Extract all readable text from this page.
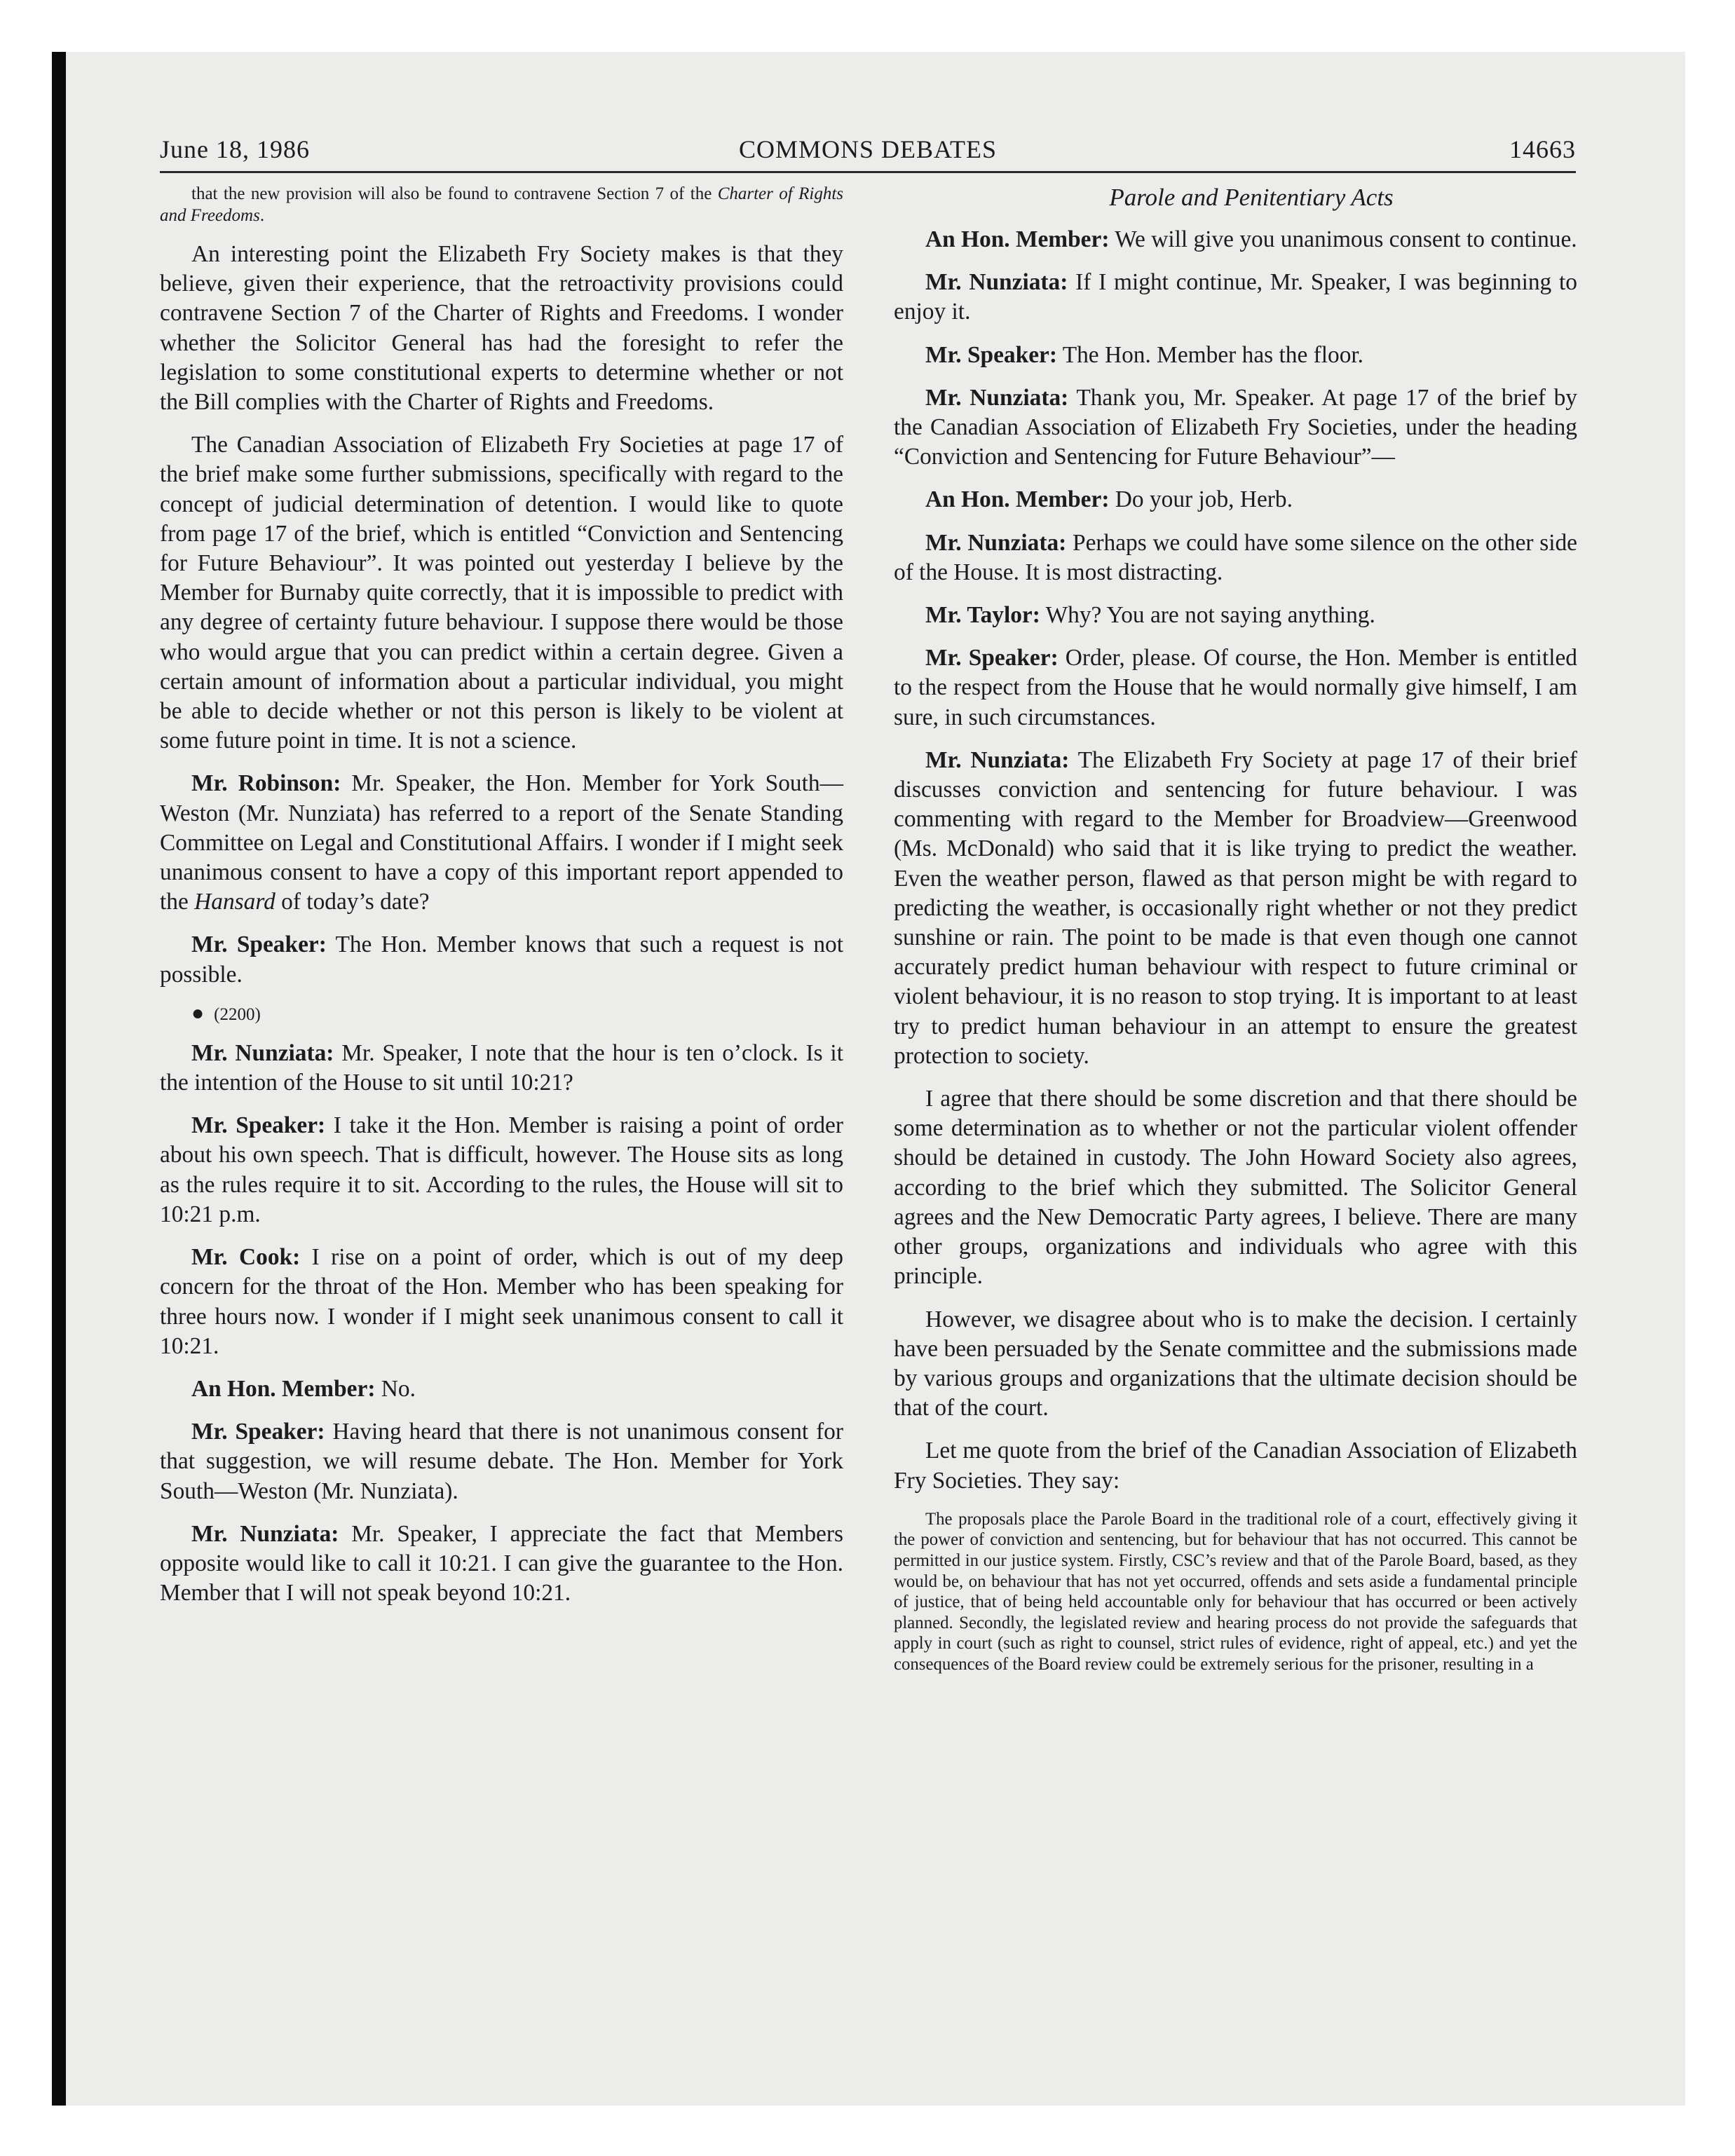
June 18, 1986	COMMONS DEBATES	14663

that the new provision will also be found to contravene Section 7 of the Charter of Rights and Freedoms.

An interesting point the Elizabeth Fry Society makes is that they believe, given their experience, that the retroactivity provisions could contravene Section 7 of the Charter of Rights and Freedoms. I wonder whether the Solicitor General has had the foresight to refer the legislation to some constitutional experts to determine whether or not the Bill complies with the Charter of Rights and Freedoms.

The Canadian Association of Elizabeth Fry Societies at page 17 of the brief make some further submissions, specifically with regard to the concept of judicial determination of detention. I would like to quote from page 17 of the brief, which is entitled “Conviction and Sentencing for Future Behaviour”. It was pointed out yesterday I believe by the Member for Burnaby quite correctly, that it is impossible to predict with any degree of certainty future behaviour. I suppose there would be those who would argue that you can predict within a certain degree. Given a certain amount of information about a particular individual, you might be able to decide whether or not this person is likely to be violent at some future point in time. It is not a science.

Mr. Robinson: Mr. Speaker, the Hon. Member for York South—Weston (Mr. Nunziata) has referred to a report of the Senate Standing Committee on Legal and Constitutional Affairs. I wonder if I might seek unanimous consent to have a copy of this important report appended to the Hansard of today’s date?

Mr. Speaker: The Hon. Member knows that such a request is not possible.

● (2200)

Mr. Nunziata: Mr. Speaker, I note that the hour is ten o’clock. Is it the intention of the House to sit until 10:21?

Mr. Speaker: I take it the Hon. Member is raising a point of order about his own speech. That is difficult, however. The House sits as long as the rules require it to sit. According to the rules, the House will sit to 10:21 p.m.

Mr. Cook: I rise on a point of order, which is out of my deep concern for the throat of the Hon. Member who has been speaking for three hours now. I wonder if I might seek unanimous consent to call it 10:21.

An Hon. Member: No.

Mr. Speaker: Having heard that there is not unanimous consent for that suggestion, we will resume debate. The Hon. Member for York South—Weston (Mr. Nunziata).

Mr. Nunziata: Mr. Speaker, I appreciate the fact that Members opposite would like to call it 10:21. I can give the guarantee to the Hon. Member that I will not speak beyond 10:21.

Parole and Penitentiary Acts

An Hon. Member: We will give you unanimous consent to continue.

Mr. Nunziata: If I might continue, Mr. Speaker, I was beginning to enjoy it.

Mr. Speaker: The Hon. Member has the floor.

Mr. Nunziata: Thank you, Mr. Speaker. At page 17 of the brief by the Canadian Association of Elizabeth Fry Societies, under the heading “Conviction and Sentencing for Future Behaviour”—

An Hon. Member: Do your job, Herb.

Mr. Nunziata: Perhaps we could have some silence on the other side of the House. It is most distracting.

Mr. Taylor: Why? You are not saying anything.

Mr. Speaker: Order, please. Of course, the Hon. Member is entitled to the respect from the House that he would normally give himself, I am sure, in such circumstances.

Mr. Nunziata: The Elizabeth Fry Society at page 17 of their brief discusses conviction and sentencing for future behaviour. I was commenting with regard to the Member for Broadview—Greenwood (Ms. McDonald) who said that it is like trying to predict the weather. Even the weather person, flawed as that person might be with regard to predicting the weather, is occasionally right whether or not they predict sunshine or rain. The point to be made is that even though one cannot accurately predict human behaviour with respect to future criminal or violent behaviour, it is no reason to stop trying. It is important to at least try to predict human behaviour in an attempt to ensure the greatest protection to society.

I agree that there should be some discretion and that there should be some determination as to whether or not the particular violent offender should be detained in custody. The John Howard Society also agrees, according to the brief which they submitted. The Solicitor General agrees and the New Democratic Party agrees, I believe. There are many other groups, organizations and individuals who agree with this principle.

However, we disagree about who is to make the decision. I certainly have been persuaded by the Senate committee and the submissions made by various groups and organizations that the ultimate decision should be that of the court.

Let me quote from the brief of the Canadian Association of Elizabeth Fry Societies. They say:

The proposals place the Parole Board in the traditional role of a court, effectively giving it the power of conviction and sentencing, but for behaviour that has not occurred. This cannot be permitted in our justice system. Firstly, CSC’s review and that of the Parole Board, based, as they would be, on behaviour that has not yet occurred, offends and sets aside a fundamental principle of justice, that of being held accountable only for behaviour that has occurred or been actively planned. Secondly, the legislated review and hearing process do not provide the safeguards that apply in court (such as right to counsel, strict rules of evidence, right of appeal, etc.) and yet the consequences of the Board review could be extremely serious for the prisoner, resulting in a
